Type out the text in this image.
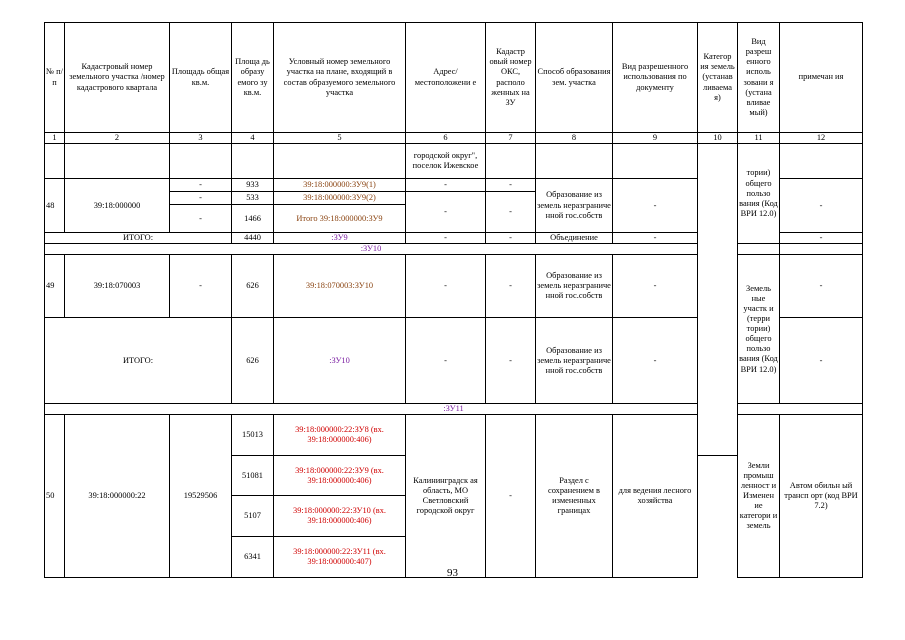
№ п/п	Кадастровый номер земельного участка /номер кадастрового квартала	Площадь общая кв.м.	Площа дь образу емого зу кв.м.	Условный номер земельного участка на плане, входящий в состав образуемого земельного участка	Адрес/ местоположени е	Кадастр овый номер ОКС, располо женных на ЗУ	Способ образования зем. участка	Вид разрешенного использования по документу	Категор ия земель (устанав ливаема я)	Вид разреш енного исполь зовани я (устана вливае мый)	примечан ия	
1	2	3	4	5	6	7	8	9	10	11	12	
					городской округ", поселок Ижевское					тории) общего пользо вания (Код ВРИ 12.0)		
48	39:18:000000	-	933	39:18:000000:ЗУ9(1)	-	-	Образование из земель неразграниче нной гос.собств	-			-	
		-	533	39:18:000000:ЗУ9(2)	-	-						
		-	1466	Итого 39:18:000000:ЗУ9								
ИТОГО:			4440	:ЗУ9	-	-	Объединение	-			-	
:ЗУ10												
49	39:18:070003	-	626	39:18:070003:ЗУ10	-	-	Образование из земель неразграниче нной гос.собств	-		Земель ные участк и (терри тории) общего пользо вания (Код ВРИ 12.0)	-	
ИТОГО:			626	:ЗУ10	-	-	Образование из земель неразграниче нной гос.собств	-			-	
:ЗУ11												
50	39:18:000000:22	19529506	15013	39:18:000000:22:ЗУ8 (вх. 39:18:000000:406)	Калининградск ая область, МО Светловский городской округ	-	Раздел с сохранением в измененных границах	для ведения лесного хозяйства		Земли промыш ленност и Изменен ие категори и земель	Автом обильн ый трансп орт (код ВРИ 7.2)	
			51081	39:18:000000:22:ЗУ9 (вх. 39:18:000000:406)								
			5107	39:18:000000:22:ЗУ10 (вх. 39:18:000000:406)								
			6341	39:18:000000:22:ЗУ11 (вх. 39:18:000000:407)								
93
